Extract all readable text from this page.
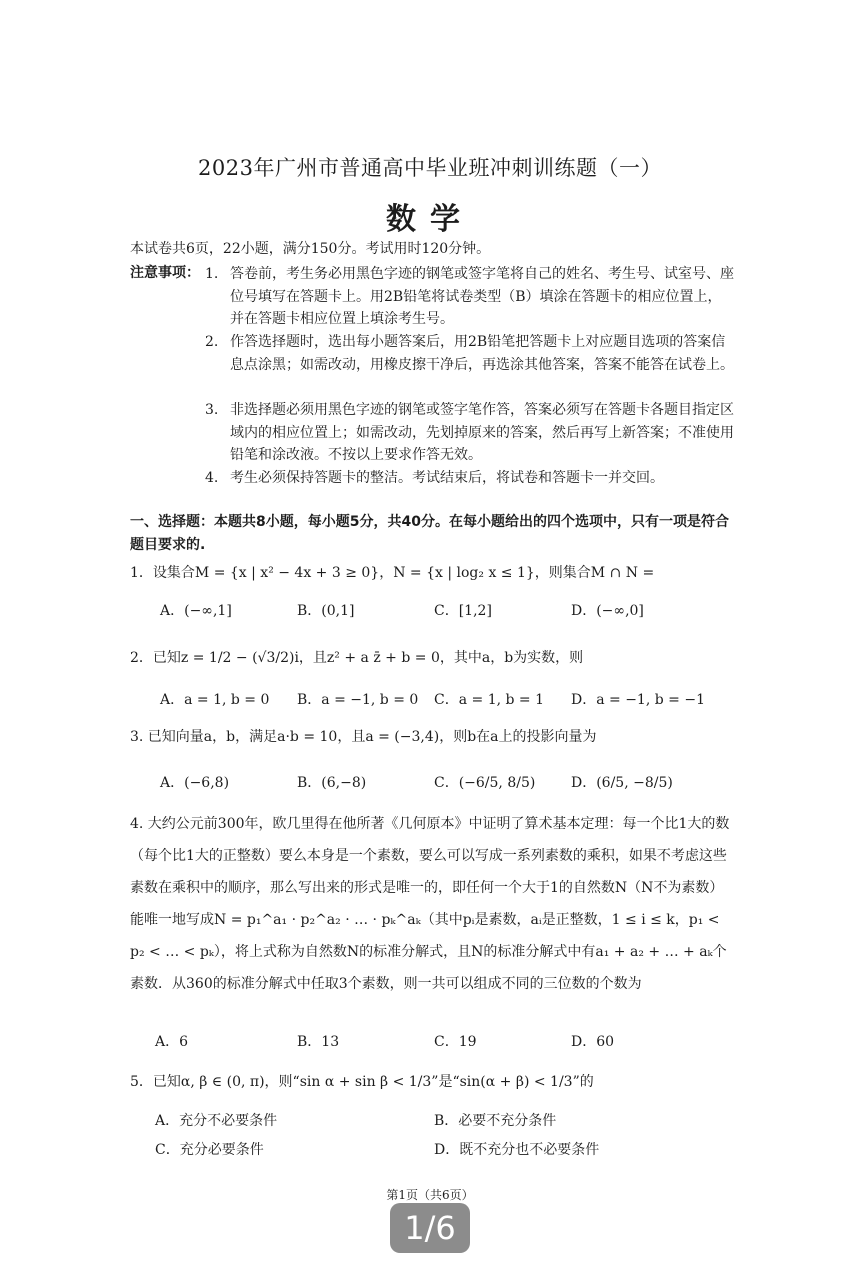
2023年广州市普通高中毕业班冲刺训练题（一）
数学
本试卷共6页，22小题，满分150分。考试用时120分钟。
注意事项： 1. 答卷前，考生务必用黑色字迹的钢笔或签字笔将自己的姓名、考生号、试室号、座位号填写在答题卡上。用2B铅笔将试卷类型（B）填涂在答题卡的相应位置上，并在答题卡相应位置上填涂考生号。
2. 作答选择题时，选出每小题答案后，用2B铅笔把答题卡上对应题目选项的答案信息点涂黑；如需改动，用橡皮擦干净后，再选涂其他答案，答案不能答在试卷上。
3. 非选择题必须用黑色字迹的钢笔或签字笔作答，答案必须写在答题卡各题目指定区域内的相应位置上；如需改动，先划掉原来的答案，然后再写上新答案；不准使用铅笔和涂改液。不按以上要求作答无效。
4. 考生必须保持答题卡的整洁。考试结束后，将试卷和答题卡一并交回。
一、选择题：本题共8小题，每小题5分，共40分。在每小题给出的四个选项中，只有一项是符合题目要求的.
1．设集合M = {x | x² − 4x + 3 ≥ 0}，N = {x | log₂ x ≤ 1}，则集合M ∩ N =
A．(−∞,1]	B．(0,1]	C．[1,2]	D．(−∞,0]
2．已知z = 1/2 − (√3/2)i，且z² + a z̄ + b = 0，其中a，b为实数，则
A．a = 1, b = 0 B．a = −1, b = 0 C．a = 1, b = 1 D．a = −1, b = −1
3. 已知向量a，b，满足a·b = 10，且a = (−3,4)，则b在a上的投影向量为
A．(−6,8)	B．(6,−8)	C．(−6/5, 8/5)	D．(6/5, −8/5)
4. 大约公元前300年，欧几里得在他所著《几何原本》中证明了算术基本定理：每一个比1大的数（每个比1大的正整数）要么本身是一个素数，要么可以写成一系列素数的乘积，如果不考虑这些素数在乘积中的顺序，那么写出来的形式是唯一的，即任何一个大于1的自然数N（N不为素数）能唯一地写成N = p₁^a₁ · p₂^a₂ · … · pₖ^aₖ（其中pᵢ是素数，aᵢ是正整数，1 ≤ i ≤ k，p₁ < p₂ < … < pₖ），将上式称为自然数N的标准分解式，且N的标准分解式中有a₁ + a₂ + … + aₖ个素数．从360的标准分解式中任取3个素数，则一共可以组成不同的三位数的个数为
A．6	B．13	C．19	D．60
5．已知α, β ∈ (0, π)，则“sin α + sin β < 1/3”是“sin(α + β) < 1/3”的
A．充分不必要条件	B．必要不充分条件
C．充分必要条件	D．既不充分也不必要条件
第1页（共6页）
1/6
